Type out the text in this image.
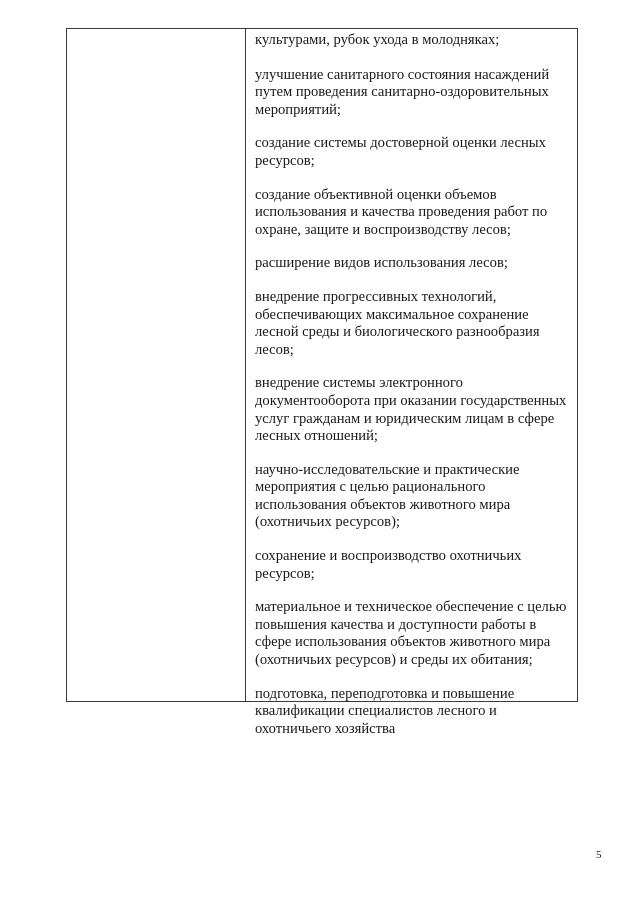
культурами, рубок ухода в молодняках;

улучшение санитарного состояния насаждений путем проведения санитарно-оздоровительных мероприятий;

создание системы достоверной оценки лесных ресурсов;

создание объективной оценки объемов использования и качества проведения работ по охране, защите и воспроизводству лесов;

расширение видов использования лесов;

внедрение прогрессивных технологий, обеспечивающих максимальное сохранение лесной среды и биологического разнообразия лесов;

внедрение системы электронного документооборота при оказании государственных услуг гражданам и юридическим лицам в сфере лесных отношений;

научно-исследовательские и практические мероприятия с целью рационального использования объектов животного мира (охотничьих ресурсов);

сохранение и воспроизводство охотничьих ресурсов;

материальное и техническое обеспечение с целью повышения качества и доступности работы в сфере использования объектов животного мира (охотничьих ресурсов) и среды их обитания;

подготовка, переподготовка и повышение квалификации специалистов лесного и охотничьего хозяйства

5
